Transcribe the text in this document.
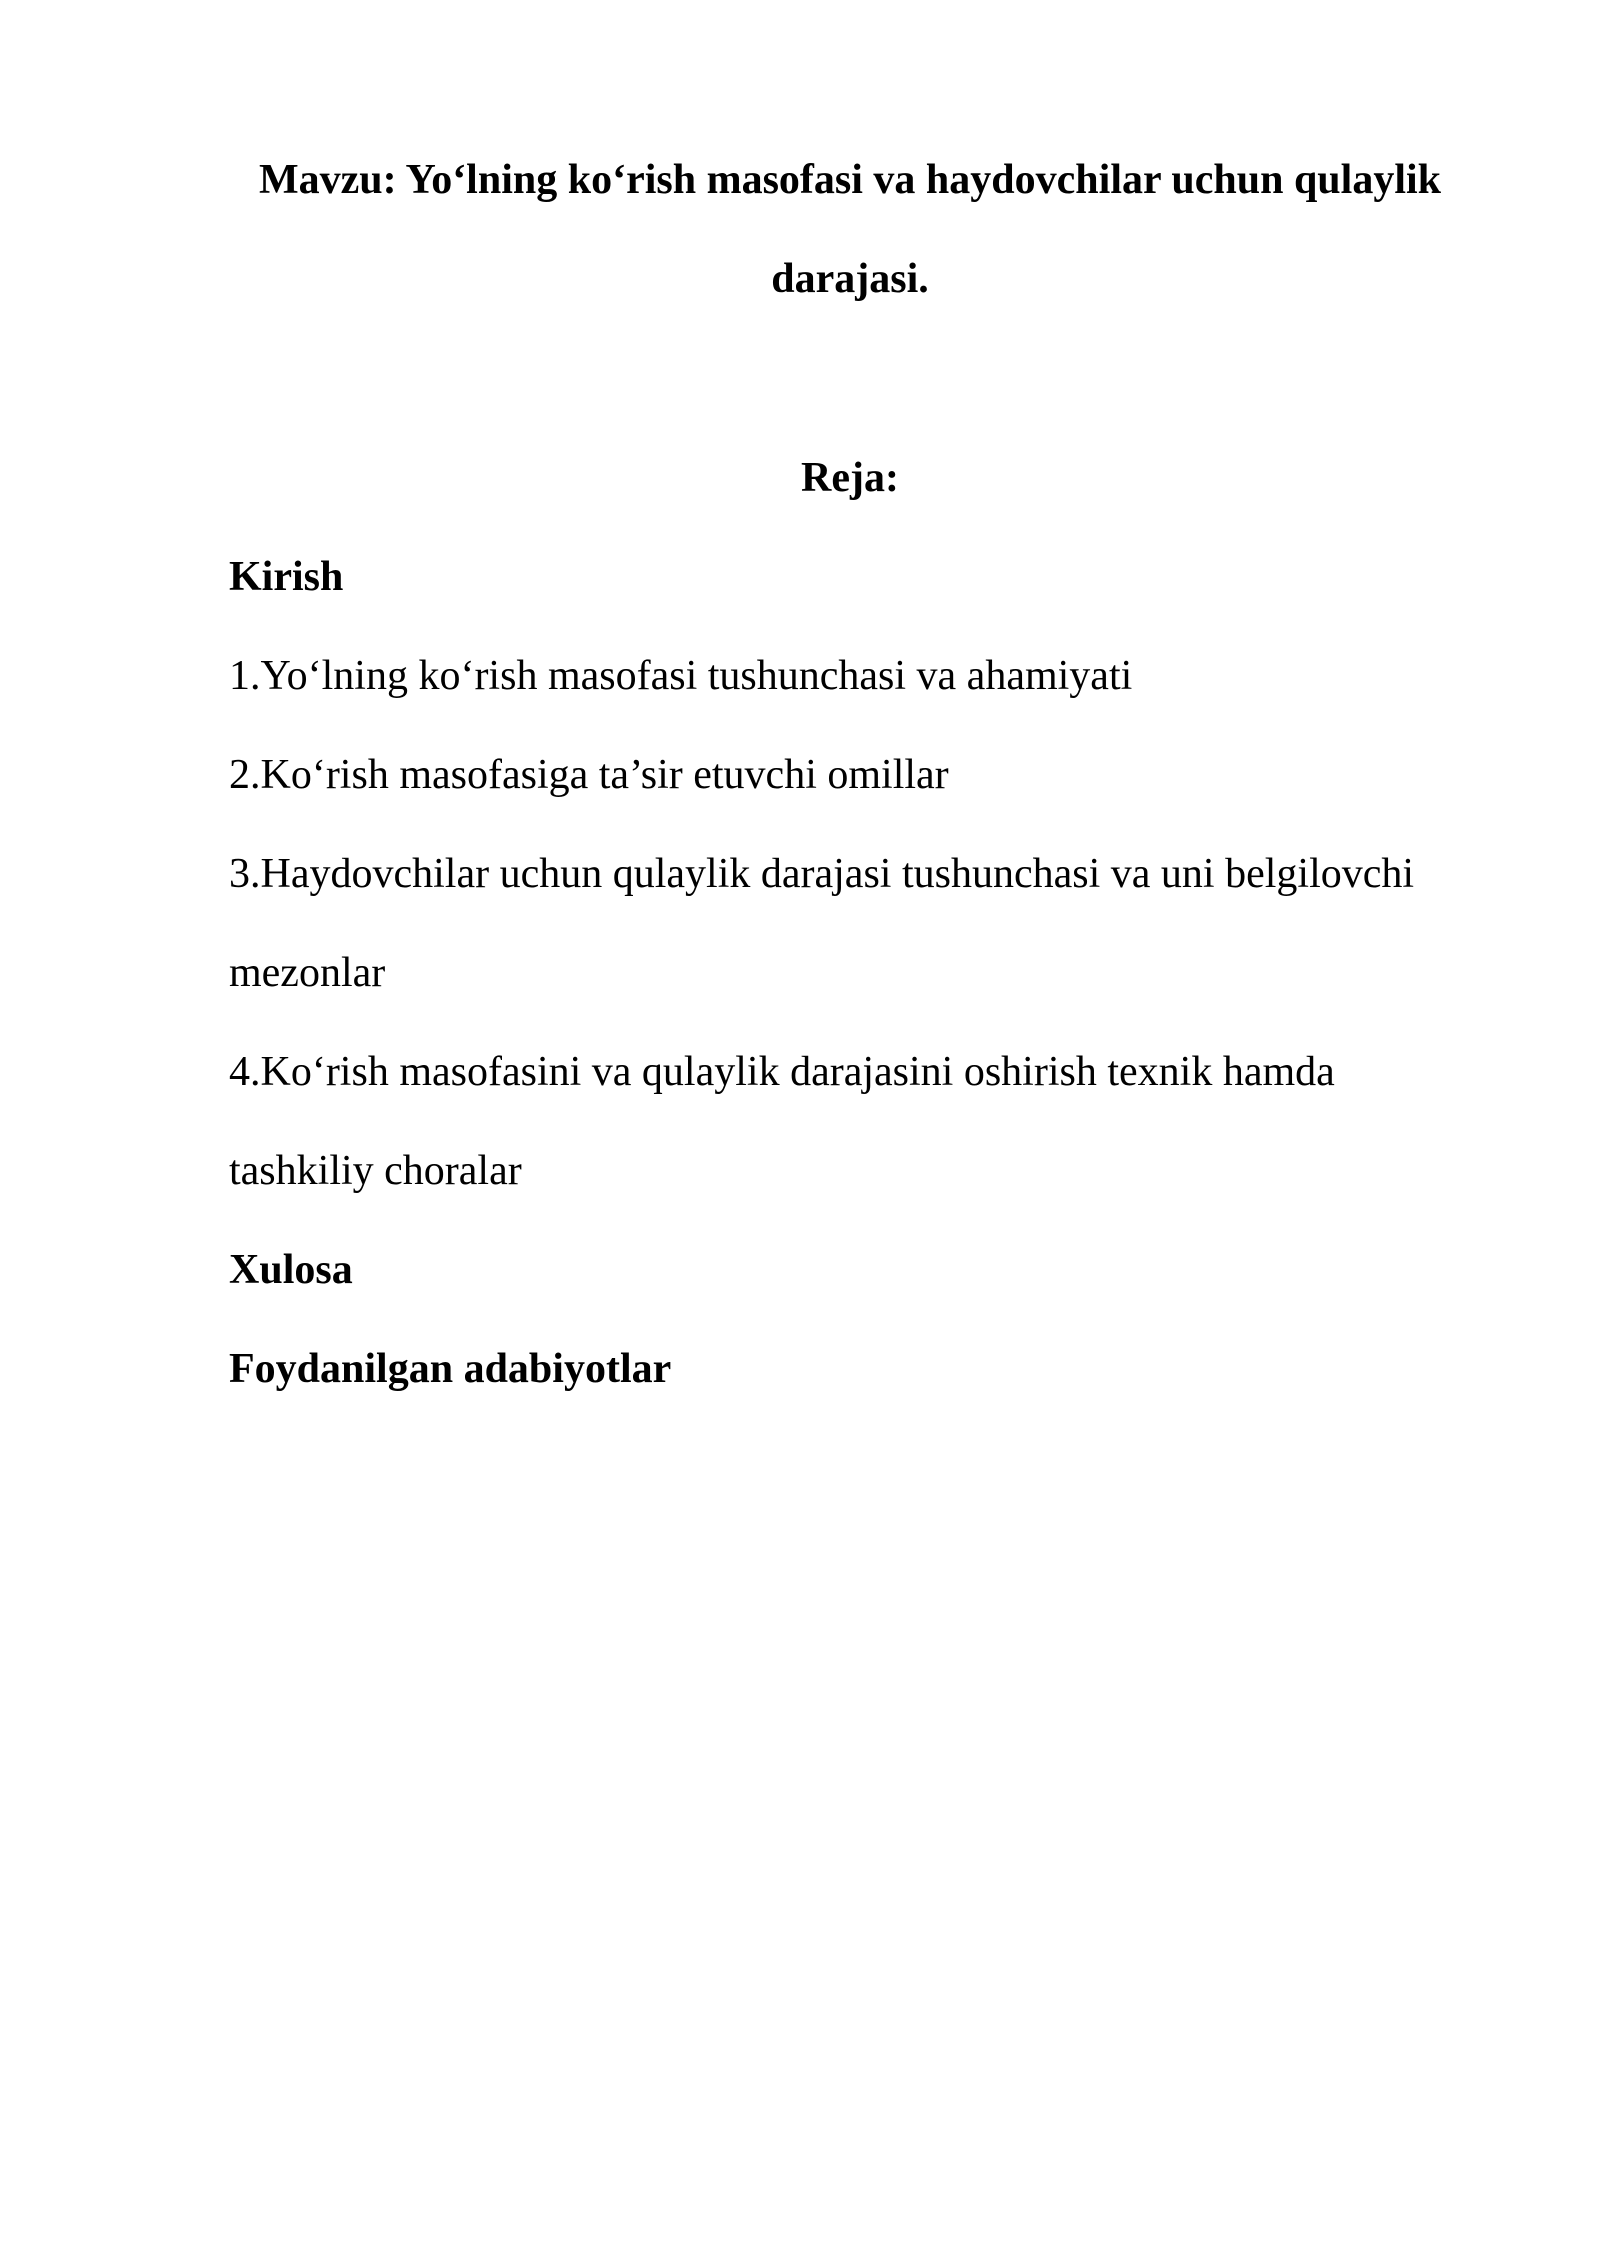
Mavzu: Yo‘lning ko‘rish masofasi va haydovchilar uchun qulaylik
darajasi.
Reja:
Kirish
1.Yo‘lning ko‘rish masofasi tushunchasi va ahamiyati
2.Ko‘rish masofasiga ta’sir etuvchi omillar
3.Haydovchilar uchun qulaylik darajasi tushunchasi va uni belgilovchi
mezonlar
4.Ko‘rish masofasini va qulaylik darajasini oshirish texnik hamda
tashkiliy choralar
Xulosa
Foydanilgan adabiyotlar
